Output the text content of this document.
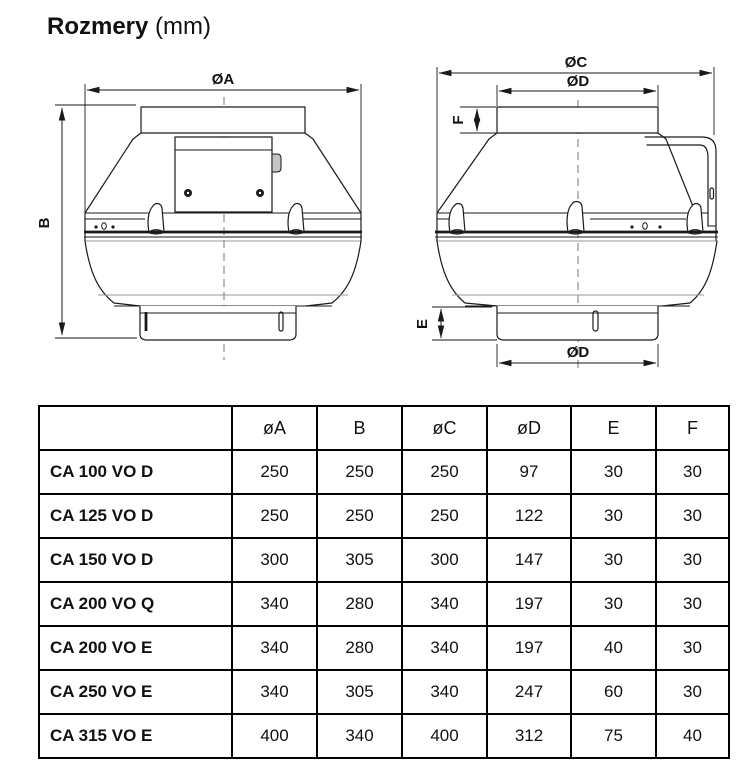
Rozmery (mm)
ØA
B
ØC
ØD
F
E
ØD
	øA	B	øC	øD	E	F
CA 100 VO D	250	250	250	97	30	30
CA 125 VO D	250	250	250	122	30	30
CA 150 VO D	300	305	300	147	30	30
CA 200 VO Q	340	280	340	197	30	30
CA 200 VO E	340	280	340	197	40	30
CA 250 VO E	340	305	340	247	60	30
CA 315 VO E	400	340	400	312	75	40
